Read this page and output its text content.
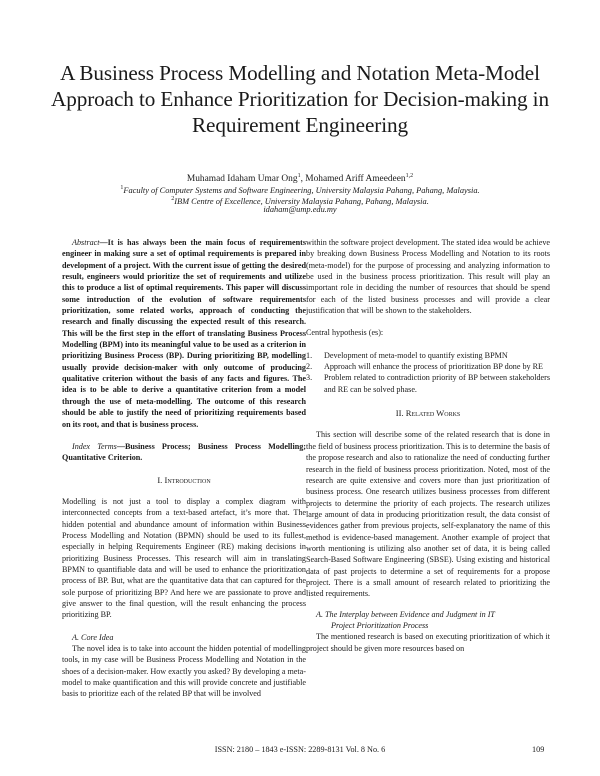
A Business Process Modelling and Notation Meta-Model Approach to Enhance Prioritization for Decision-making in Requirement Engineering
Muhamad Idaham Umar Ong$^1$, Mohamed Ariff Ameedeen$^{1,2}$
$^1$Faculty of Computer Systems and Software Engineering, University Malaysia Pahang, Pahang, Malaysia.
$^2$IBM Centre of Excellence, University Malaysia Pahang, Pahang, Malaysia.
idaham@ump.edu.my

Abstract—It is has always been the main focus of requirements engineer in making sure a set of optimal requirements is prepared in development of a project. With the current issue of getting the desired result, engineers would prioritize the set of requirements and utilize this to produce a list of optimal requirements. This paper will discuss some introduction of the evolution of software requirements prioritization, some related works, approach of conducting the research and finally discussing the expected result of this research. This will be the first step in the effort of translating Business Process Modelling (BPM) into its meaningful value to be used as a criterion in prioritizing Business Process (BP). During prioritizing BP, modelling usually provide decision-maker with only outcome of producing qualitative criterion without the basis of any facts and figures. The idea is to be able to derive a quantitative criterion from a model through the use of meta-modelling. The outcome of this research should be able to justify the need of prioritizing requirements based on its root, and that is business process.

Index Terms—Business Process; Business Process Modelling; Quantitative Criterion.

I. Introduction

Modelling is not just a tool to display a complex diagram with interconnected concepts from a text-based artefact, it’s more that. The hidden potential and abundance amount of information within Business Process Modelling and Notation (BPMN) should be used to its fullest, especially in helping Requirements Engineer (RE) making decisions in prioritizing Business Processes. This research will aim in translating BPMN to quantifiable data and will be used to enhance the prioritization process of BP. But, what are the quantitative data that can captured for the sole purpose of prioritizing BP? And here we are passionate to prove and give answer to the final question, will the result enhancing the process prioritizing BP.

A. Core Idea

The novel idea is to take into account the hidden potential of modelling tools, in my case will be Business Process Modelling and Notation in the shoes of a decision-maker. How exactly you asked? By developing a meta-model to make quantification and this will provide concrete and justifiable basis to prioritize each of the related BP that will be involved

within the software project development. The stated idea would be achieve by breaking down Business Process Modelling and Notation to its roots (meta-model) for the purpose of processing and analyzing information to be used in the business process prioritization. This result will play an important role in deciding the number of resources that should be spend for each of the listed business processes and will provide a clear justification that will be shown to the stakeholders.

Central hypothesis (es):

1. Development of meta-model to quantify existing BPMN
2. Approach will enhance the process of prioritization BP done by RE
3. Problem related to contradiction priority of BP between stakeholders and RE can be solved phase.
II. Related Works

This section will describe some of the related research that is done in the field of business process prioritization. This is to determine the basis of the propose research and also to rationalize the need of conducting further research in the field of business process prioritization. Noted, most of the research are quite extensive and covers more than just prioritization of business process. One research utilizes business processes from different projects to determine the priority of each projects. The research utilizes large amount of data in producing prioritization result, the data consist of evidences gather from previous projects, self-explanatory the name of this method is evidence-based management. Another example of project that worth mentioning is utilizing also another set of data, it is being called Search-Based Software Engineering (SBSE). Using existing and historical data of past projects to determine a set of requirements for a propose project. There is a small amount of research related to prioritizing the listed requirements.

A. The Interplay between Evidence and Judgment in IT
Project Prioritization Process

The mentioned research is based on executing prioritization of which it project should be given more resources based on

ISSN: 2180 – 1843 e-ISSN: 2289-8131 Vol. 8 No. 6	109
